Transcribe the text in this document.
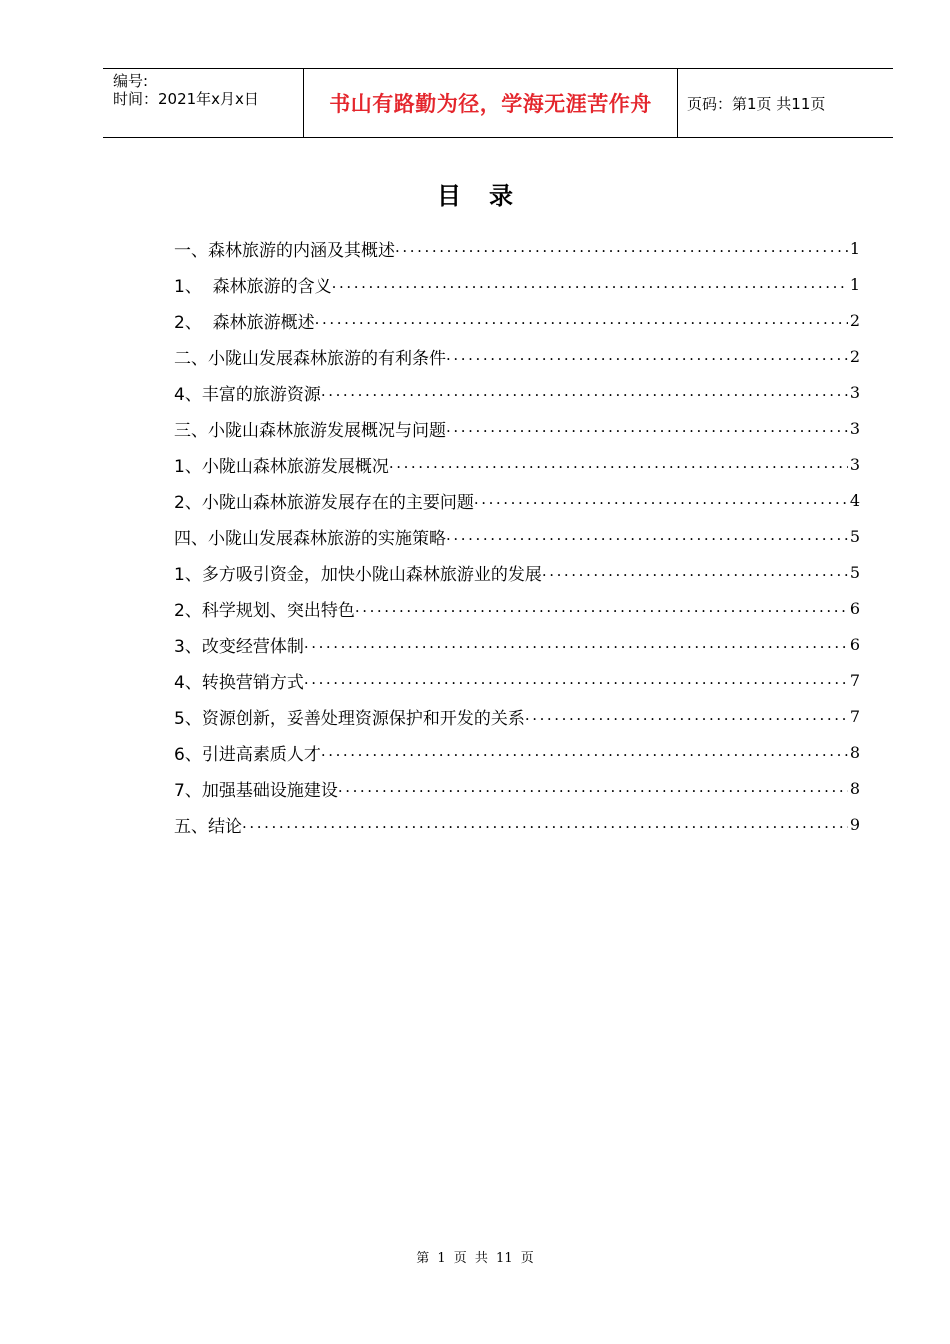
编号:
时间：2021年x月x日	书山有路勤为径，学海无涯苦作舟 页码：第1页 共11页
目录
一、森林旅游的内涵及其概述 .....	1
1、  森林旅游的含义 .....	1
2、  森林旅游概述 .....	2
二、小陇山发展森林旅游的有利条件 .....	2
4、丰富的旅游资源 .....	3
三、小陇山森林旅游发展概况与问题 .....	3
1、小陇山森林旅游发展概况 .....	3
2、小陇山森林旅游发展存在的主要问题 .....	4
四、小陇山发展森林旅游的实施策略 .....	5
1、多方吸引资金，加快小陇山森林旅游业的发展 .....	5
2、科学规划、突出特色 .....	6
3、改变经营体制 .....	6
4、转换营销方式 .....	7
5、资源创新，妥善处理资源保护和开发的关系 .....	7
6、引进高素质人才 .....	8
7、加强基础设施建设 .....	8
五、结论 .....	9
第 1 页 共 11 页
